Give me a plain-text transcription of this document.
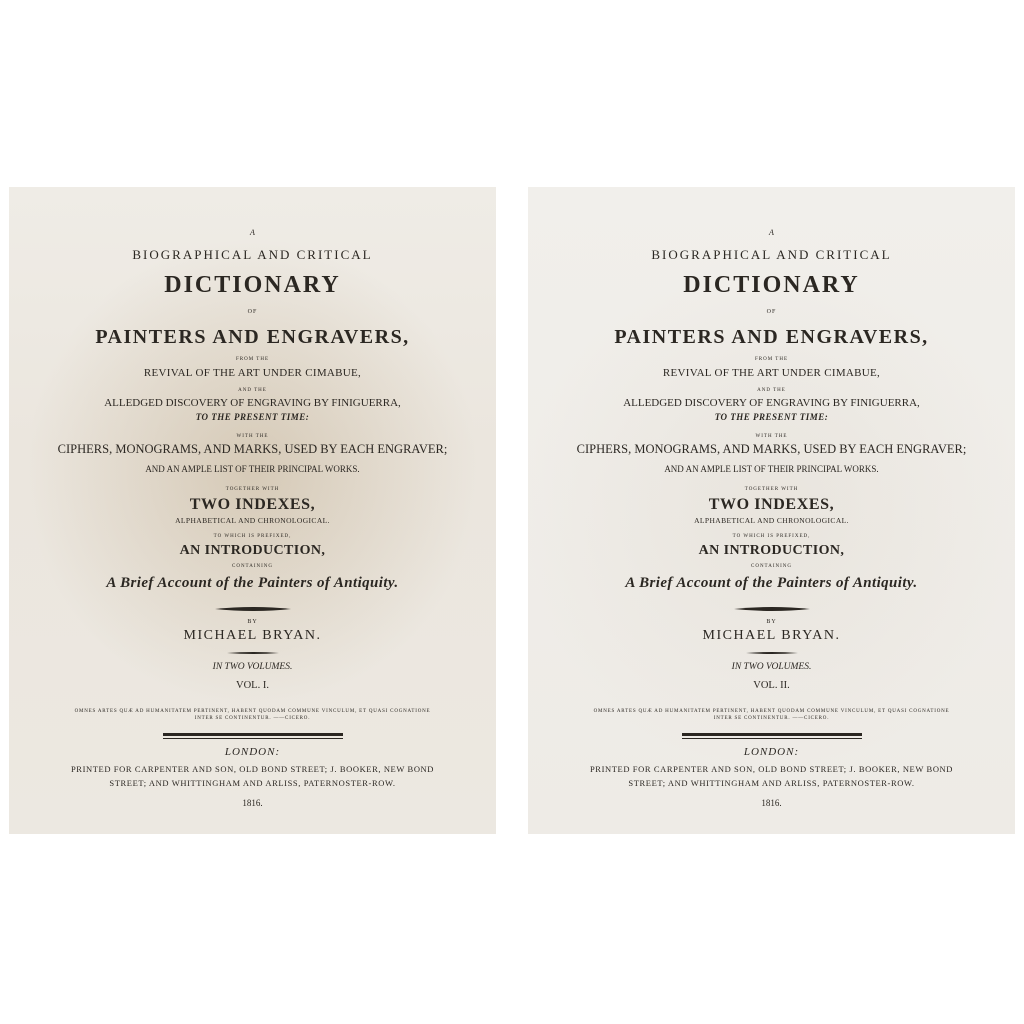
A
BIOGRAPHICAL AND CRITICAL
DICTIONARY
OF
PAINTERS AND ENGRAVERS,
FROM THE
REVIVAL OF THE ART UNDER CIMABUE,
AND THE
ALLEDGED DISCOVERY OF ENGRAVING BY FINIGUERRA,
TO THE PRESENT TIME:
WITH THE
CIPHERS, MONOGRAMS, AND MARKS, USED BY EACH ENGRAVER;
AND AN AMPLE LIST OF THEIR PRINCIPAL WORKS.
TOGETHER WITH
TWO INDEXES,
ALPHABETICAL AND CHRONOLOGICAL.
TO WHICH IS PREFIXED,
AN INTRODUCTION,
CONTAINING
A Brief Account of the Painters of Antiquity.
BY
MICHAEL BRYAN.
IN TWO VOLUMES.
VOL. I.
OMNES ARTES QUÆ AD HUMANITATEM PERTINENT, HABENT QUODAM COMMUNE VINCULUM, ET QUASI COGNATIONE
INTER SE CONTINENTUR. ——CICERO.
LONDON:
PRINTED FOR CARPENTER AND SON, OLD BOND STREET; J. BOOKER, NEW BOND
STREET; AND WHITTINGHAM AND ARLISS, PATERNOSTER-ROW.
1816.
A
BIOGRAPHICAL AND CRITICAL
DICTIONARY
OF
PAINTERS AND ENGRAVERS,
FROM THE
REVIVAL OF THE ART UNDER CIMABUE,
AND THE
ALLEDGED DISCOVERY OF ENGRAVING BY FINIGUERRA,
TO THE PRESENT TIME:
WITH THE
CIPHERS, MONOGRAMS, AND MARKS, USED BY EACH ENGRAVER;
AND AN AMPLE LIST OF THEIR PRINCIPAL WORKS.
TOGETHER WITH
TWO INDEXES,
ALPHABETICAL AND CHRONOLOGICAL.
TO WHICH IS PREFIXED,
AN INTRODUCTION,
CONTAINING
A Brief Account of the Painters of Antiquity.
BY
MICHAEL BRYAN.
IN TWO VOLUMES.
VOL. II.
OMNES ARTES QUÆ AD HUMANITATEM PERTINENT, HABENT QUODAM COMMUNE VINCULUM, ET QUASI COGNATIONE
INTER SE CONTINENTUR. ——CICERO.
LONDON:
PRINTED FOR CARPENTER AND SON, OLD BOND STREET; J. BOOKER, NEW BOND
STREET; AND WHITTINGHAM AND ARLISS, PATERNOSTER-ROW.
1816.
